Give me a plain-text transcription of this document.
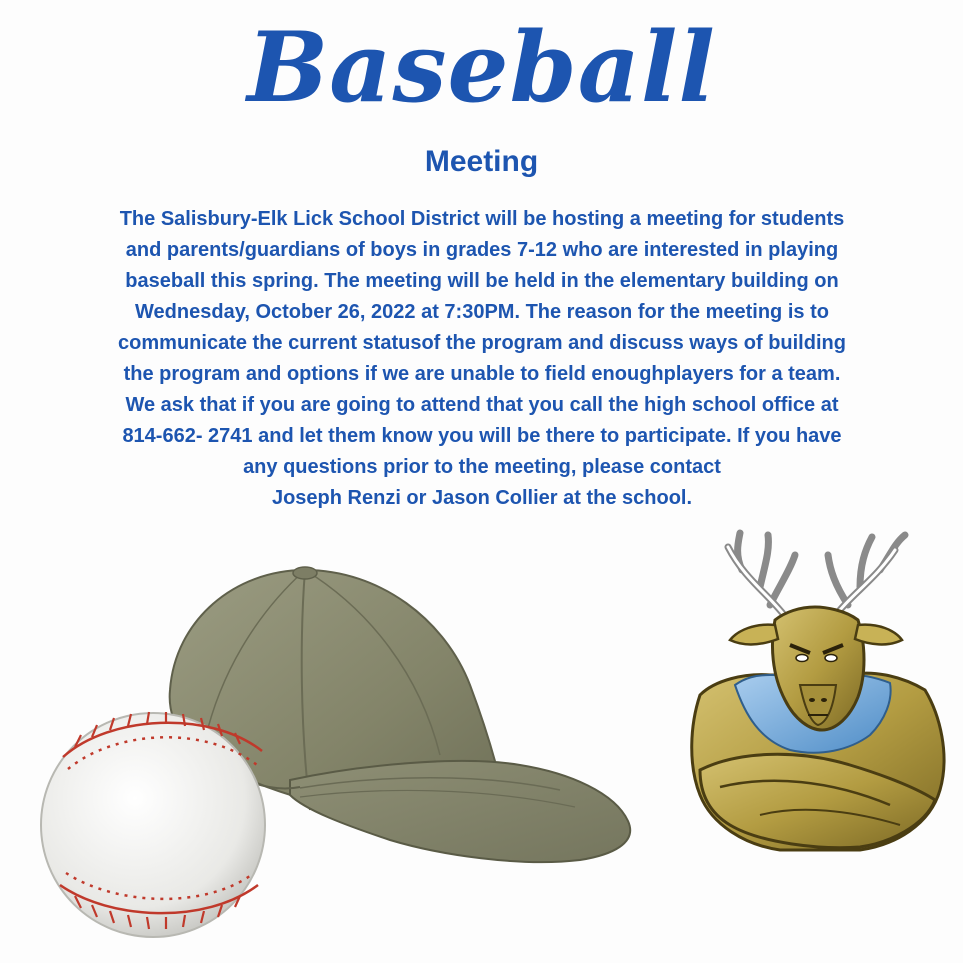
Baseball
Meeting
The Salisbury-Elk Lick School District will be hosting a meeting for students
and parents/guardians of boys in grades 7-12 who are interested in playing
baseball this spring. The meeting will be held in the elementary building on
Wednesday, October 26, 2022 at 7:30PM. The reason for the meeting is to
communicate the current statusof the program and discuss ways of building
the program and options if we are unable to field enoughplayers for a team.
We ask that if you are going to attend that you call the high school office at
814-662- 2741 and let them know you will be there to participate. If you have
any questions prior to the meeting, please contact
Joseph Renzi or Jason Collier at the school.
